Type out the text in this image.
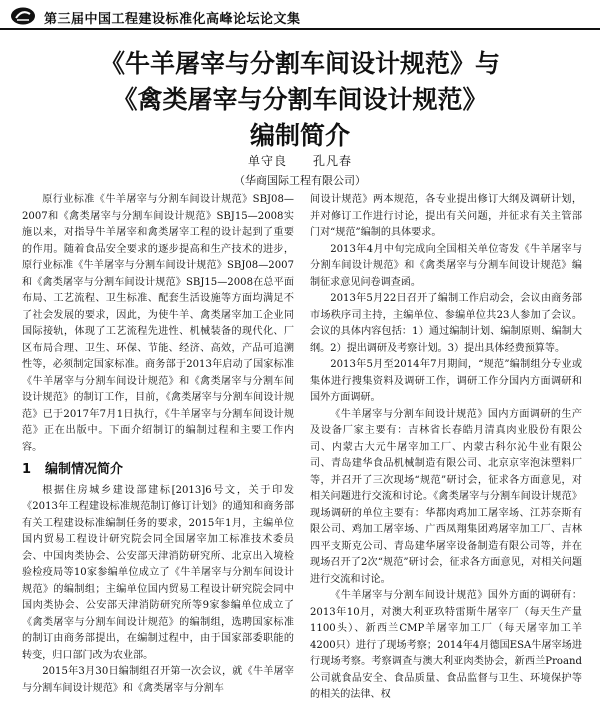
第三届中国工程建设标准化高峰论坛论文集
《牛羊屠宰与分割车间设计规范》与
《禽类屠宰与分割车间设计规范》
编制简介
单守良　　孔凡春
（华商国际工程有限公司）

原行业标准《牛羊屠宰与分割车间设计规范》SBJ08—2007和《禽类屠宰与分割车间设计规范》SBJ15—2008实施以来，对指导牛羊屠宰和禽类屠宰工程的设计起到了重要的作用。随着食品安全要求的逐步提高和生产技术的进步，原行业标准《牛羊屠宰与分割车间设计规范》SBJ08—2007和《禽类屠宰与分割车间设计规范》SBJ15—2008在总平面布局、工艺流程、卫生标准、配套生活设施等方面均满足不了社会发展的要求，因此，为使牛羊、禽类屠宰加工企业同国际接轨，体现了工艺流程先进性、机械装备的现代化、厂区布局合理、卫生、环保、节能、经济、高效，产品可追溯性等，必须制定国家标准。商务部于2013年启动了国家标准《牛羊屠宰与分割车间设计规范》和《禽类屠宰与分割车间设计规范》的制订工作，目前，《禽类屠宰与分割车间设计规范》已于2017年7月1日执行，《牛羊屠宰与分割车间设计规范》正在出版中。下面介绍制订的编制过程和主要工作内容。

1 编制情况简介

根据住房城乡建设部建标[2013]6号文，关于印发《2013年工程建设标准规范制订修订计划》的通知和商务部有关工程建设标准编制任务的要求，2015年1月，主编单位国内贸易工程设计研究院会同全国屠宰加工标准技术委员会、中国肉类协会、公安部天津消防研究所、北京出入境检验检疫局等10家参编单位成立了《牛羊屠宰与分割车间设计规范》的编制组；主编单位国内贸易工程设计研究院会同中国肉类协会、公安部天津消防研究所等9家参编单位成立了《禽类屠宰与分割车间设计规范》的编制组，选聘国家标准的制订由商务部提出，在编制过程中，由于国家部委职能的转变，归口部门改为农业部。

2015年3月30日编制组召开第一次会议，就《牛羊屠宰与分割车间设计规范》和《禽类屠宰与分割车

间设计规范》两本规范，各专业提出修订大纲及调研计划，并对修订工作进行讨论，提出有关问题，并征求有关主管部门对“规范”编制的具体要求。

2013年4月中旬完成向全国相关单位寄发《牛羊屠宰与分割车间设计规范》和《禽类屠宰与分割车间设计规范》编制征求意见问卷调查函。

2013年5月22日召开了编制工作启动会，会议由商务部市场秩序司主持，主编单位、参编单位共23人参加了会议。会议的具体内容包括：1）通过编制计划、编制原则、编制大纲。2）提出调研及考察计划。3）提出具体经费预算等。

2013年5月至2014年7月期间，“规范”编制组分专业或集体进行搜集资料及调研工作，调研工作分国内方面调研和国外方面调研。

《牛羊屠宰与分割车间设计规范》国内方面调研的生产及设备厂家主要有：吉林省长春皓月清真肉业股份有限公司、内蒙古大元牛屠宰加工厂、内蒙古科尔沁牛业有限公司、青岛建华食品机械制造有限公司、北京京宰泡沫塑料厂等，并召开了三次现场“规范”研讨会，征求各方面意见，对相关问题进行交流和讨论。《禽类屠宰与分割车间设计规范》现场调研的单位主要有：华都肉鸡加工屠宰场、江苏奈斯有限公司、鸡加工屠宰场、广西凤翔集团鸡屠宰加工厂、吉林四平支斯克公司、青岛建华屠宰设备制造有限公司等，并在现场召开了2次“规范”研讨会，征求各方面意见，对相关问题进行交流和讨论。

《牛羊屠宰与分割车间设计规范》国外方面的调研有：2013年10月，对澳大利亚玖特雷斯牛屠宰厂（每天生产量1100头）、新西兰CMP羊屠宰加工厂（每天屠宰加工羊4200只）进行了现场考察；2014年4月德国ESA牛屠宰场进行现场考察。考察调查与澳大利亚肉类协会，新西兰Proand公司就食品安全、食品质量、食品监督与卫生、环境保护等的相关的法律、权
